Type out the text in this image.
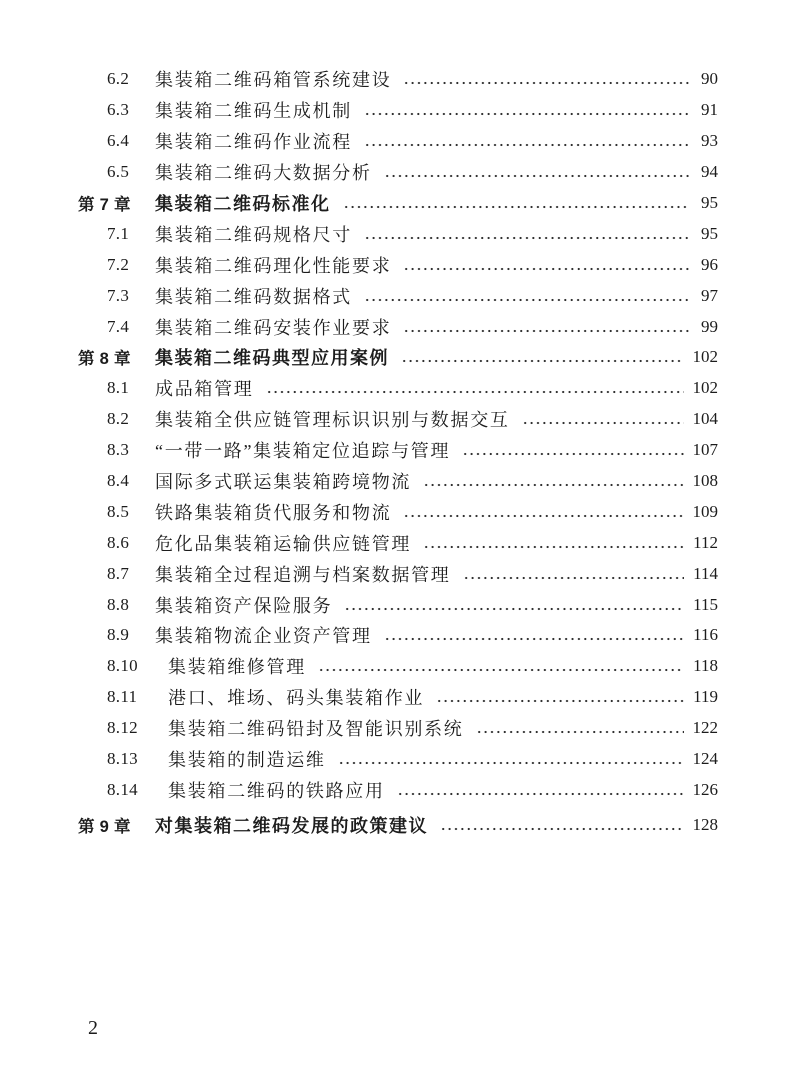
6.2	集装箱二维码箱管系统建设	90
6.3	集装箱二维码生成机制	91
6.4	集装箱二维码作业流程	93
6.5	集装箱二维码大数据分析	94
第 7 章	集装箱二维码标准化	95
7.1	集装箱二维码规格尺寸	95
7.2	集装箱二维码理化性能要求	96
7.3	集装箱二维码数据格式	97
7.4	集装箱二维码安装作业要求	99
第 8 章	集装箱二维码典型应用案例	102
8.1	成品箱管理	102
8.2	集装箱全供应链管理标识识别与数据交互	104
8.3	“一带一路”集装箱定位追踪与管理	107
8.4	国际多式联运集装箱跨境物流	108
8.5	铁路集装箱货代服务和物流	109
8.6	危化品集装箱运输供应链管理	112
8.7	集装箱全过程追溯与档案数据管理	114
8.8	集装箱资产保险服务	115
8.9	集装箱物流企业资产管理	116
8.10	集装箱维修管理	118
8.11	港口、堆场、码头集装箱作业	119
8.12	集装箱二维码铅封及智能识别系统	122
8.13	集装箱的制造运维	124
8.14	集装箱二维码的铁路应用	126
第 9 章	对集装箱二维码发展的政策建议	128
2
